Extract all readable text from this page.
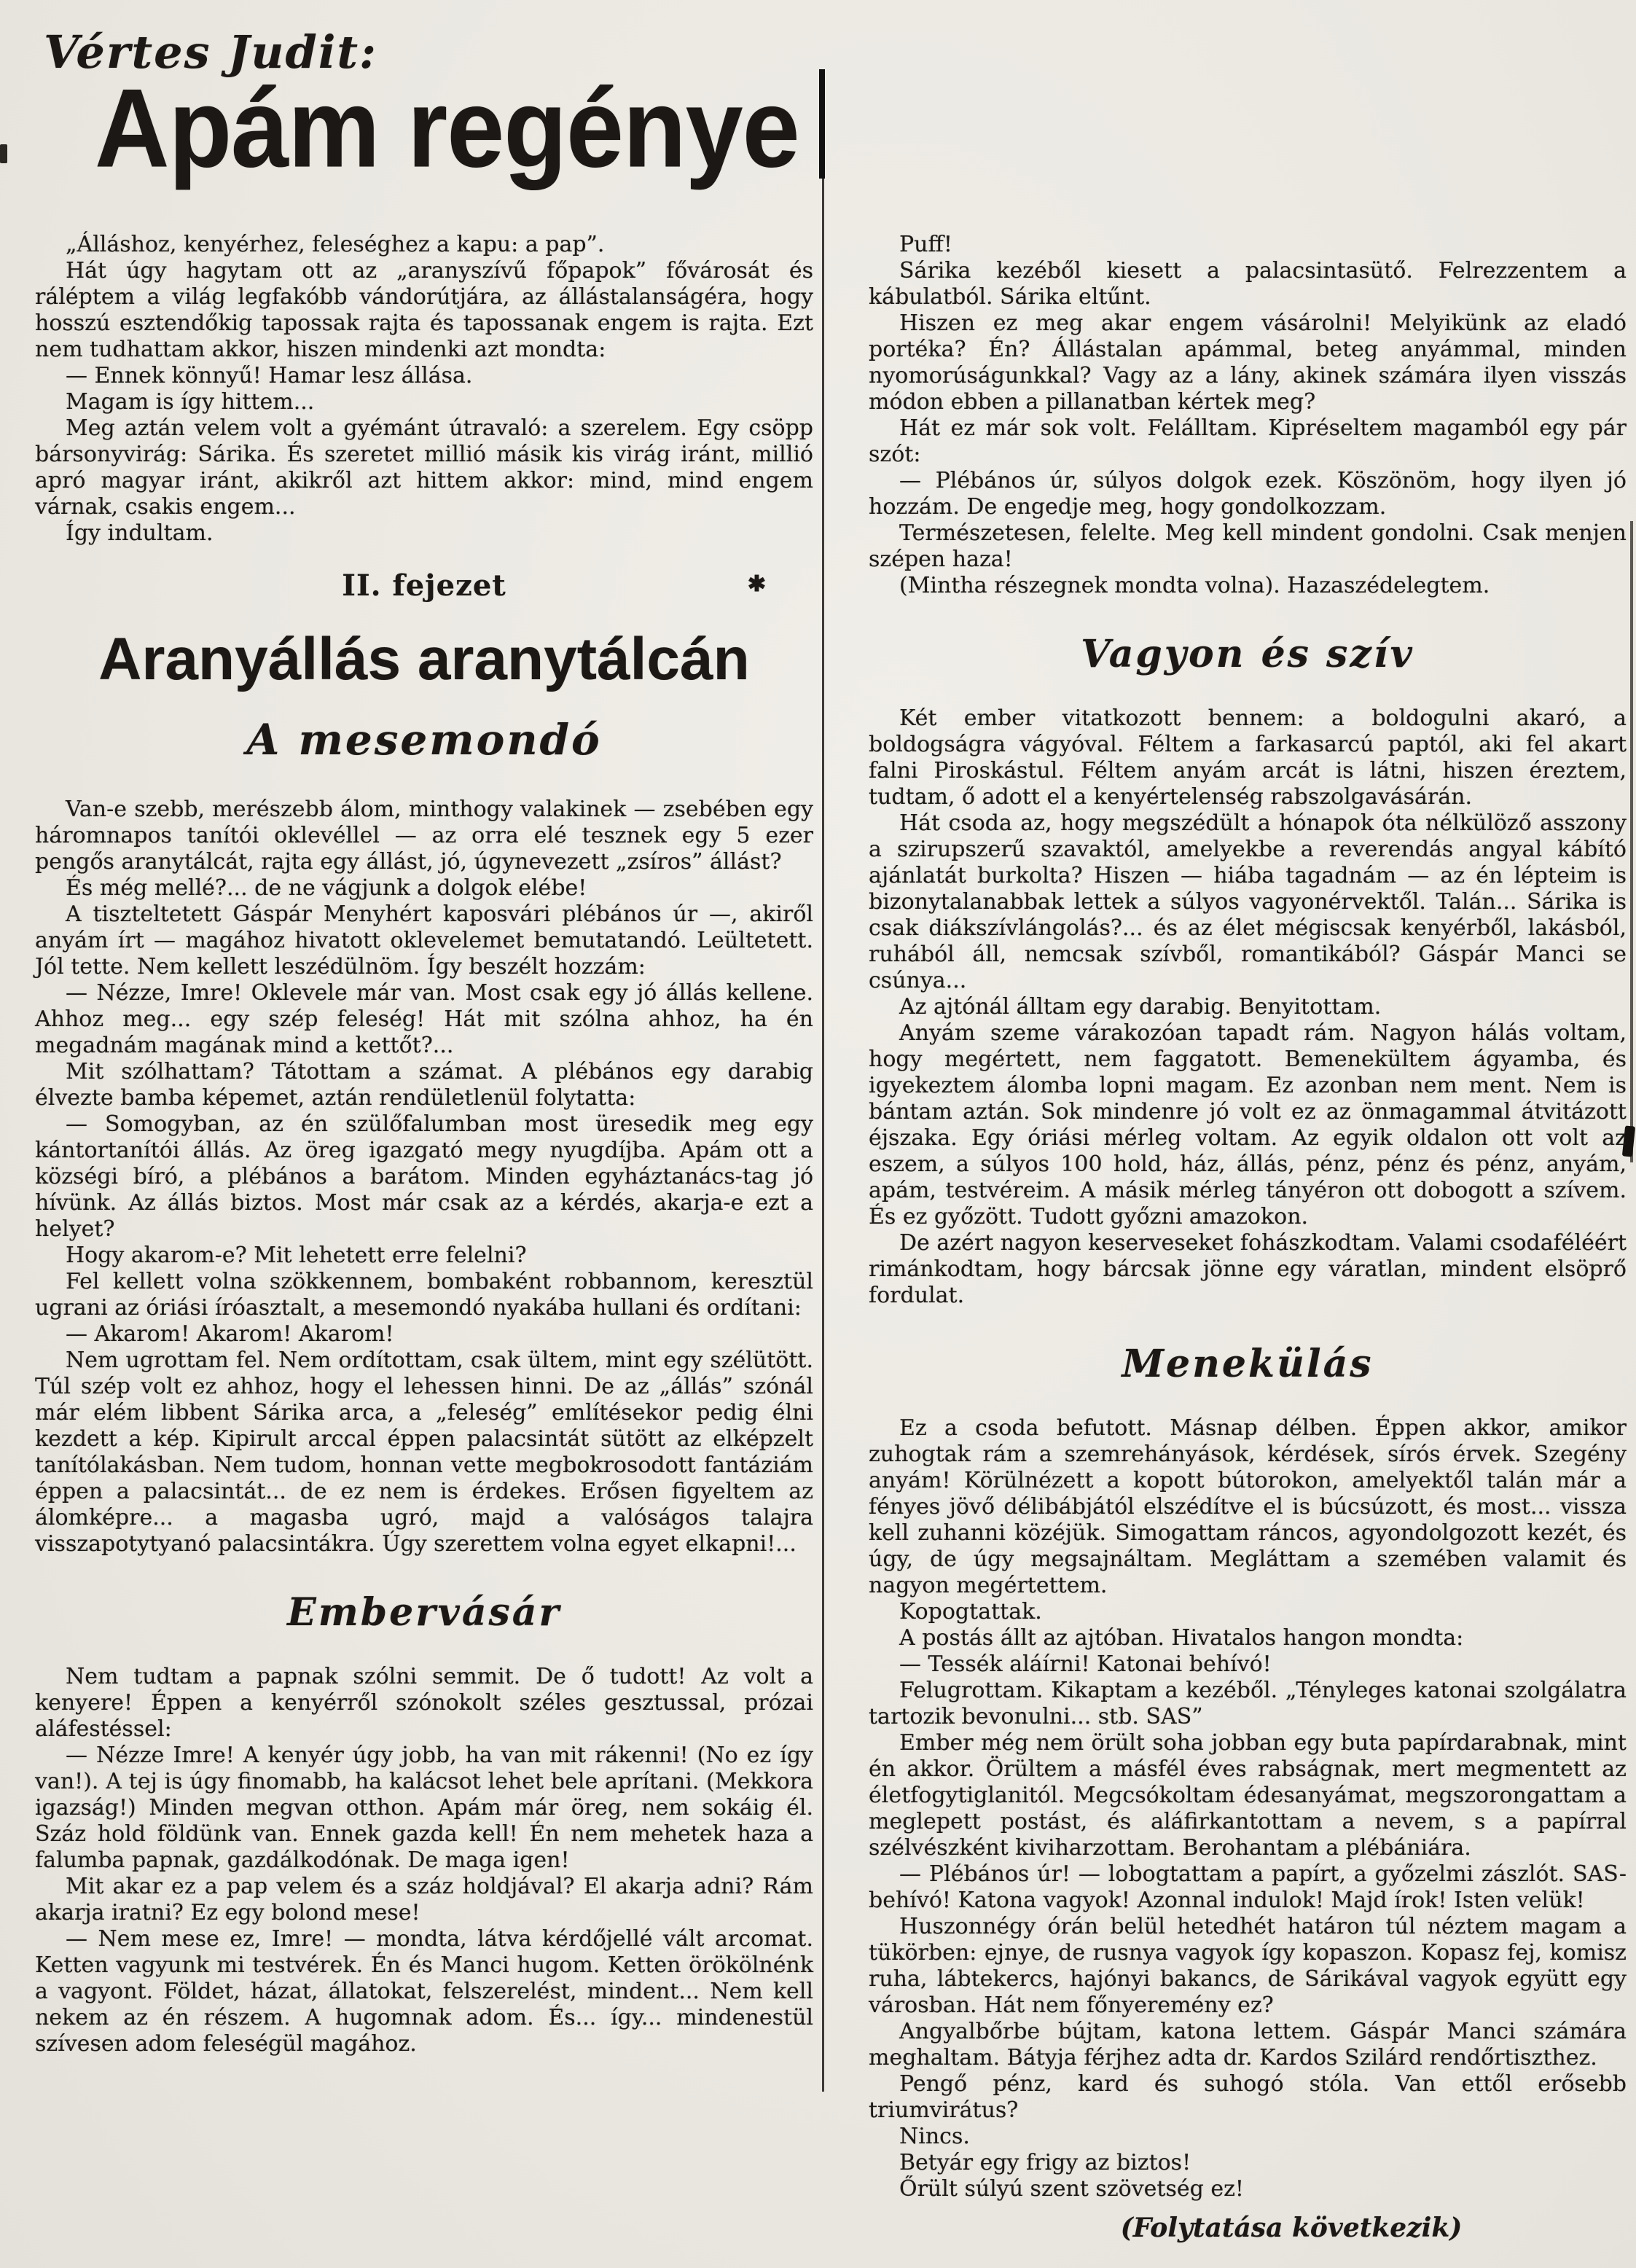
Vértes Judit:
Apám regénye

„Álláshoz, kenyérhez, feleséghez a kapu: a pap”.

Hát úgy hagytam ott az „aranyszívű főpapok” fővárosát és ráléptem a világ legfakóbb vándorútjára, az állástalanságéra, hogy hosszú esztendőkig tapossak rajta és tapossanak engem is rajta. Ezt nem tudhattam akkor, hiszen mindenki azt mondta:

— Ennek könnyű! Hamar lesz állása.

Magam is így hittem...

Meg aztán velem volt a gyémánt útravaló: a szerelem. Egy csöpp bársonyvirág: Sárika. És szeretet millió másik kis virág iránt, millió apró magyar iránt, akikről azt hittem akkor: mind, mind engem várnak, csakis engem...

Így indultam.

II. fejezet	✱
Aranyállás aranytálcán
A mesemondó

Van-e szebb, merészebb álom, minthogy valakinek — zsebében egy háromnapos tanítói oklevéllel — az orra elé tesznek egy 5 ezer pengős aranytálcát, rajta egy állást, jó, úgynevezett „zsíros” állást?

És még mellé?... de ne vágjunk a dolgok elébe!

A tiszteltetett Gáspár Menyhért kaposvári plébános úr —, akiről anyám írt — magához hivatott oklevelemet bemutatandó. Leültetett. Jól tette. Nem kellett leszédülnöm. Így beszélt hozzám:

— Nézze, Imre! Oklevele már van. Most csak egy jó állás kellene. Ahhoz meg... egy szép feleség! Hát mit szólna ahhoz, ha én megadnám magának mind a kettőt?...

Mit szólhattam? Tátottam a számat. A plébános egy darabig élvezte bamba képemet, aztán rendületlenül folytatta:

— Somogyban, az én szülőfalumban most üresedik meg egy kántortanítói állás. Az öreg igazgató megy nyugdíjba. Apám ott a községi bíró, a plébános a barátom. Minden egyháztanács-tag jó hívünk. Az állás biztos. Most már csak az a kérdés, akarja-e ezt a helyet?

Hogy akarom-e? Mit lehetett erre felelni?

Fel kellett volna szökkennem, bombaként robbannom, keresztül ugrani az óriási íróasztalt, a mesemondó nyakába hullani és ordítani:

— Akarom! Akarom! Akarom!

Nem ugrottam fel. Nem ordítottam, csak ültem, mint egy szélütött. Túl szép volt ez ahhoz, hogy el lehessen hinni. De az „állás” szónál már elém libbent Sárika arca, a „feleség” említésekor pedig élni kezdett a kép. Kipirult arccal éppen palacsintát sütött az elképzelt tanítólakásban. Nem tudom, honnan vette megbokrosodott fantáziám éppen a palacsintát... de ez nem is érdekes. Erősen figyeltem az álomképre... a magasba ugró, majd a valóságos talajra visszapotytyanó palacsintákra. Úgy szerettem volna egyet elkapni!...

Embervásár

Nem tudtam a papnak szólni semmit. De ő tudott! Az volt a kenyere! Éppen a kenyérről szónokolt széles gesztussal, prózai aláfestéssel:

— Nézze Imre! A kenyér úgy jobb, ha van mit rákenni! (No ez így van!). A tej is úgy finomabb, ha kalácsot lehet bele aprítani. (Mekkora igazság!) Minden megvan otthon. Apám már öreg, nem sokáig él. Száz hold földünk van. Ennek gazda kell! Én nem mehetek haza a falumba papnak, gazdálkodónak. De maga igen!

Mit akar ez a pap velem és a száz holdjával? El akarja adni? Rám akarja iratni? Ez egy bolond mese!

— Nem mese ez, Imre! — mondta, látva kérdőjellé vált arcomat. Ketten vagyunk mi testvérek. Én és Manci hugom. Ketten örökölnénk a vagyont. Földet, házat, állatokat, felszerelést, mindent... Nem kell nekem az én részem. A hugomnak adom. És... így... mindenestül szívesen adom feleségül magához.

Puff!

Sárika kezéből kiesett a palacsintasütő. Felrezzentem a kábulatból. Sárika eltűnt.

Hiszen ez meg akar engem vásárolni! Melyikünk az eladó portéka? Én? Állástalan apámmal, beteg anyámmal, minden nyomorúságunkkal? Vagy az a lány, akinek számára ilyen visszás módon ebben a pillanatban kértek meg?

Hát ez már sok volt. Felálltam. Kipréseltem magamból egy pár szót:

— Plébános úr, súlyos dolgok ezek. Köszönöm, hogy ilyen jó hozzám. De engedje meg, hogy gondolkozzam.

Természetesen, felelte. Meg kell mindent gondolni. Csak menjen szépen haza!

(Mintha részegnek mondta volna). Hazaszédelegtem.

Vagyon és szív

Két ember vitatkozott bennem: a boldogulni akaró, a boldogságra vágyóval. Féltem a farkasarcú paptól, aki fel akart falni Piroskástul. Féltem anyám arcát is látni, hiszen éreztem, tudtam, ő adott el a kenyértelenség rabszolgavásárán.

Hát csoda az, hogy megszédült a hónapok óta nélkülöző asszony a szirupszerű szavaktól, amelyekbe a reverendás angyal kábító ajánlatát burkolta? Hiszen — hiába tagadnám — az én lépteim is bizonytalanabbak lettek a súlyos vagyonérvektől. Talán... Sárika is csak diákszívlángolás?... és az élet mégiscsak kenyérből, lakásból, ruhából áll, nemcsak szívből, romantikából? Gáspár Manci se csúnya...

Az ajtónál álltam egy darabig. Benyitottam.

Anyám szeme várakozóan tapadt rám. Nagyon hálás voltam, hogy megértett, nem faggatott. Bemenekültem ágyamba, és igyekeztem álomba lopni magam. Ez azonban nem ment. Nem is bántam aztán. Sok mindenre jó volt ez az önmagammal átvitázott éjszaka. Egy óriási mérleg voltam. Az egyik oldalon ott volt az eszem, a súlyos 100 hold, ház, állás, pénz, pénz és pénz, anyám, apám, testvéreim. A másik mérleg tányéron ott dobogott a szívem. És ez győzött. Tudott győzni amazokon.

De azért nagyon keserveseket fohászkodtam. Valami csodaféléért rimánkodtam, hogy bárcsak jönne egy váratlan, mindent elsöprő fordulat.

Menekülás

Ez a csoda befutott. Másnap délben. Éppen akkor, amikor zuhogtak rám a szemrehányások, kérdések, sírós érvek. Szegény anyám! Körülnézett a kopott bútorokon, amelyektől talán már a fényes jövő délibábjától elszédítve el is búcsúzott, és most... vissza kell zuhanni közéjük. Simogattam ráncos, agyondolgozott kezét, és úgy, de úgy megsajnáltam. Megláttam a szemében valamit és nagyon megértettem.

Kopogtattak.

A postás állt az ajtóban. Hivatalos hangon mondta:

— Tessék aláírni! Katonai behívó!

Felugrottam. Kikaptam a kezéből. „Tényleges katonai szolgálatra tartozik bevonulni... stb. SAS”

Ember még nem örült soha jobban egy buta papírdarabnak, mint én akkor. Örültem a másfél éves rabságnak, mert megmentett az életfogytiglanitól. Megcsókoltam édesanyámat, megszorongattam a meglepett postást, és aláfirkantottam a nevem, s a papírral szélvészként kiviharzottam. Berohantam a plébániára.

— Plébános úr! — lobogtattam a papírt, a győzelmi zászlót. SAS-behívó! Katona vagyok! Azonnal indulok! Majd írok! Isten velük!

Huszonnégy órán belül hetedhét határon túl néztem magam a tükörben: ejnye, de rusnya vagyok így kopaszon. Kopasz fej, komisz ruha, lábtekercs, hajónyi bakancs, de Sárikával vagyok együtt egy városban. Hát nem főnyeremény ez?

Angyalbőrbe bújtam, katona lettem. Gáspár Manci számára meghaltam. Bátyja férjhez adta dr. Kardos Szilárd rendőrtiszthez.

Pengő pénz, kard és suhogó stóla. Van ettől erősebb triumvirátus?

Nincs.

Betyár egy frigy az biztos!

Őrült súlyú szent szövetség ez!

(Folytatása következik)
